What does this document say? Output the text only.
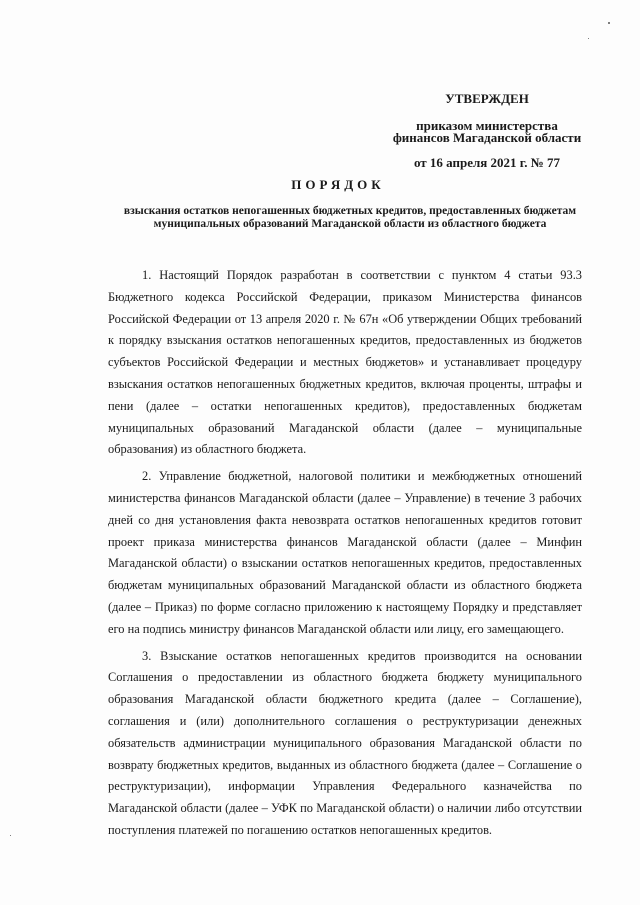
УТВЕРЖДЕН
приказом министерства
финансов Магаданской области
от 16 апреля 2021 г. № 77
ПОРЯДОК
взыскания остатков непогашенных бюджетных кредитов, предоставленных бюджетам муниципальных образований Магаданской области из областного бюджета

1. Настоящий Порядок разработан в соответствии с пунктом 4 статьи 93.3 Бюджетного кодекса Российской Федерации, приказом Министерства финансов Российской Федерации от 13 апреля 2020 г. № 67н «Об утверждении Общих требований к порядку взыскания остатков непогашенных кредитов, предоставленных из бюджетов субъектов Российской Федерации и местных бюджетов» и устанавливает процедуру взыскания остатков непогашенных бюджетных кредитов, включая проценты, штрафы и пени (далее – остатки непогашенных кредитов), предоставленных бюджетам муниципальных образований Магаданской области (далее – муниципальные образования) из областного бюджета.

2. Управление бюджетной, налоговой политики и межбюджетных отношений министерства финансов Магаданской области (далее – Управление) в течение 3 рабочих дней со дня установления факта невозврата остатков непогашенных кредитов готовит проект приказа министерства финансов Магаданской области (далее – Минфин Магаданской области) о взыскании остатков непогашенных кредитов, предоставленных бюджетам муниципальных образований Магаданской области из областного бюджета (далее – Приказ) по форме согласно приложению к настоящему Порядку и представляет его на подпись министру финансов Магаданской области или лицу, его замещающего.

3. Взыскание остатков непогашенных кредитов производится на основании Соглашения о предоставлении из областного бюджета бюджету муниципального образования Магаданской области бюджетного кредита (далее – Соглашение), соглашения и (или) дополнительного соглашения о реструктуризации денежных обязательств администрации муниципального образования Магаданской области по возврату бюджетных кредитов, выданных из областного бюджета (далее – Соглашение о реструктуризации), информации Управления Федерального казначейства по Магаданской области (далее – УФК по Магаданской области) о наличии либо отсутствии поступления платежей по погашению остатков непогашенных кредитов.
